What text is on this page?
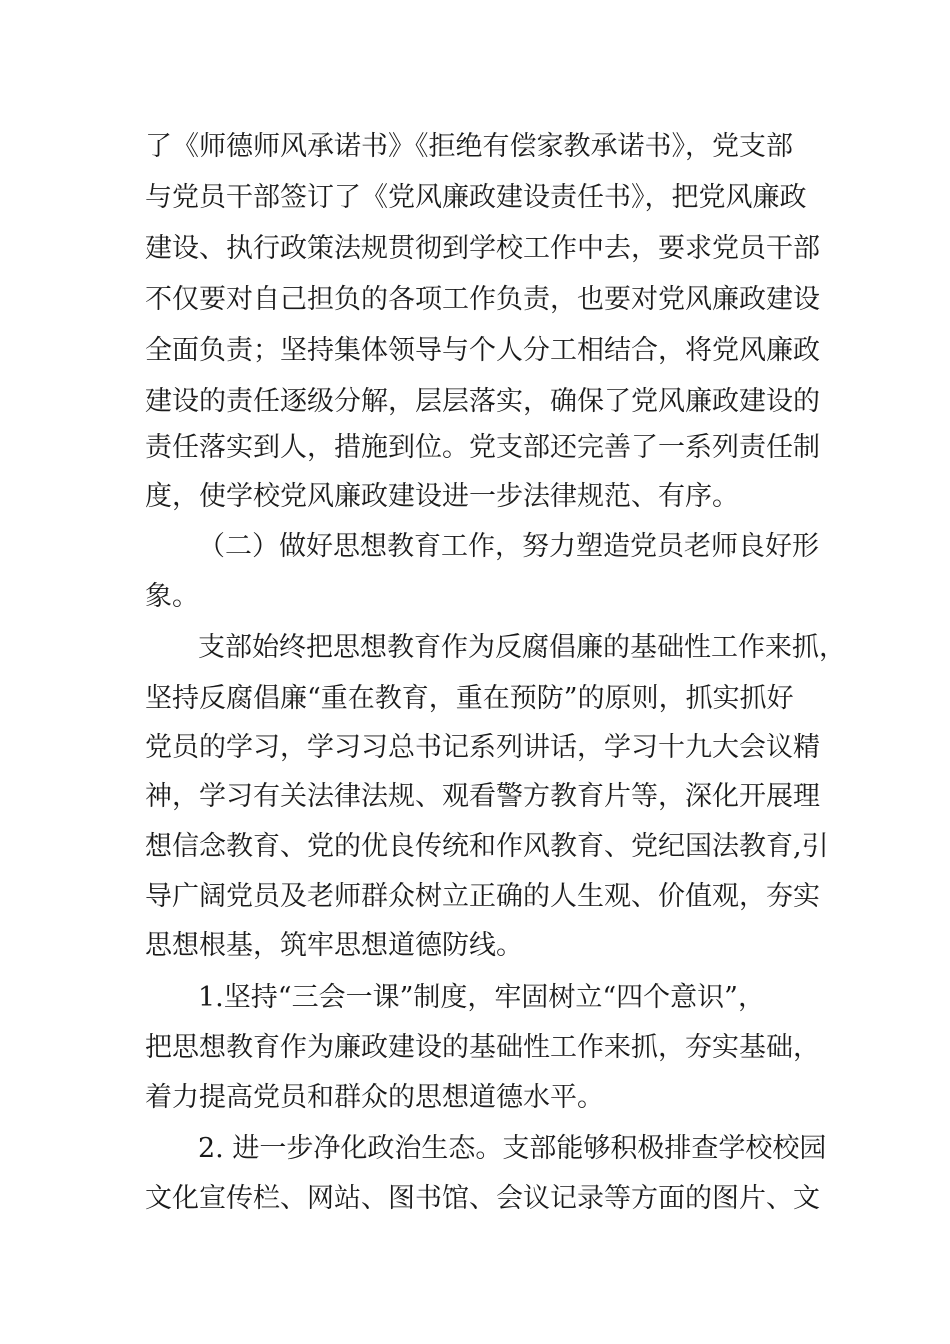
了《师德师风承诺书》《拒绝有偿家教承诺书》，党支部
与党员干部签订了《党风廉政建设责任书》，把党风廉政
建设、执行政策法规贯彻到学校工作中去，要求党员干部
不仅要对自己担负的各项工作负责，也要对党风廉政建设
全面负责；坚持集体领导与个人分工相结合，将党风廉政
建设的责任逐级分解，层层落实，确保了党风廉政建设的
责任落实到人，措施到位。党支部还完善了一系列责任制
度，使学校党风廉政建设进一步法律规范、有序。
（二）做好思想教育工作，努力塑造党员老师良好形
象。
支部始终把思想教育作为反腐倡廉的基础性工作来抓，
坚持反腐倡廉“重在教育，重在预防”的原则，抓实抓好
党员的学习，学习习总书记系列讲话，学习十九大会议精
神，学习有关法律法规、观看警方教育片等，深化开展理
想信念教育、党的优良传统和作风教育、党纪国法教育,引
导广阔党员及老师群众树立正确的人生观、价值观，夯实
思想根基，筑牢思想道德防线。
1.坚持“三会一课”制度，牢固树立“四个意识”，
把思想教育作为廉政建设的基础性工作来抓，夯实基础，
着力提高党员和群众的思想道德水平。
2. 进一步净化政治生态。支部能够积极排查学校校园
文化宣传栏、网站、图书馆、会议记录等方面的图片、文
